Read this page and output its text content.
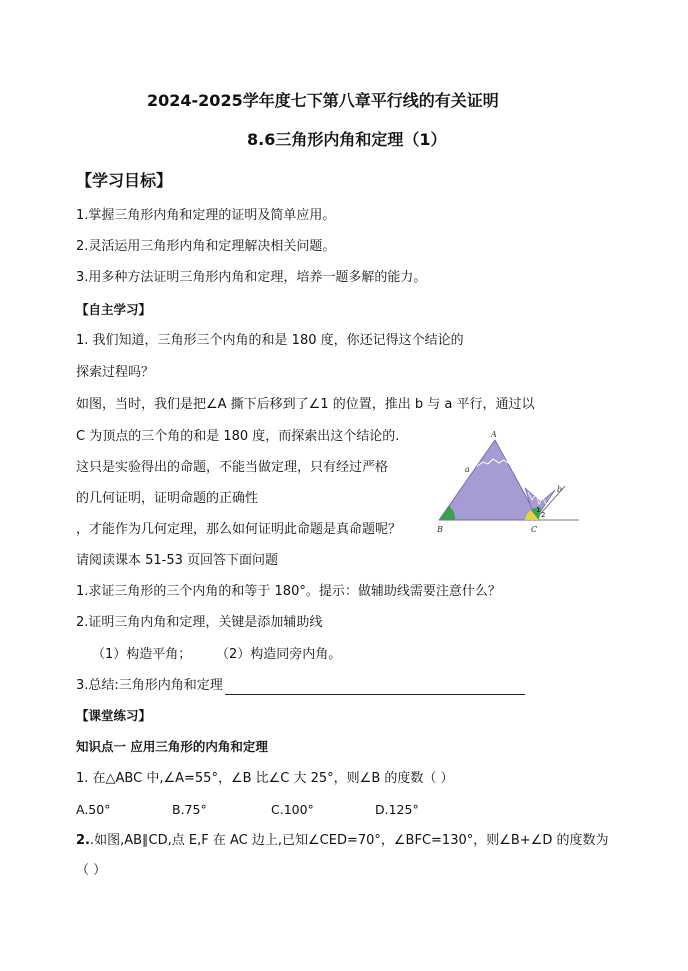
2024-2025学年度七下第八章平行线的有关证明
8.6三角形内角和定理（1）
【学习目标】
1.掌握三角形内角和定理的证明及简单应用。
2.灵活运用三角形内角和定理解决相关问题。
3.用多种方法证明三角形内角和定理，培养一题多解的能力。
【自主学习】
1. 我们知道，三角形三个内角的和是 180 度，你还记得这个结论的
探索过程吗？
如图，当时，我们是把∠A 撕下后移到了∠1 的位置，推出 b 与 a 平行，通过以
C 为顶点的三个角的和是 180 度，而探索出这个结论的.
这只是实验得出的命题，不能当做定理，只有经过严格
的几何证明，证明命题的正确性
，才能作为几何定理，那么如何证明此命题是真命题呢？
请阅读课本 51-53 页回答下面问题
1.求证三角形的三个内角的和等于 180°。提示：做辅助线需要注意什么？
2.证明三角内角和定理，关键是添加辅助线
（1）构造平角； （2）构造同旁内角。
3.总结:三角形内角和定理
【课堂练习】
知识点一 应用三角形的内角和定理
1. 在△ABC 中,∠A=55°，∠B 比∠C 大 25°，则∠B 的度数（ ）
A.50°	B.75°	C.100°	D.125°
2..如图,AB∥CD,点 E,F 在 AC 边上,已知∠CED=70°，∠BFC=130°，则∠B+∠D 的度数为
（ ）
A
B	C
a
b
1
2
